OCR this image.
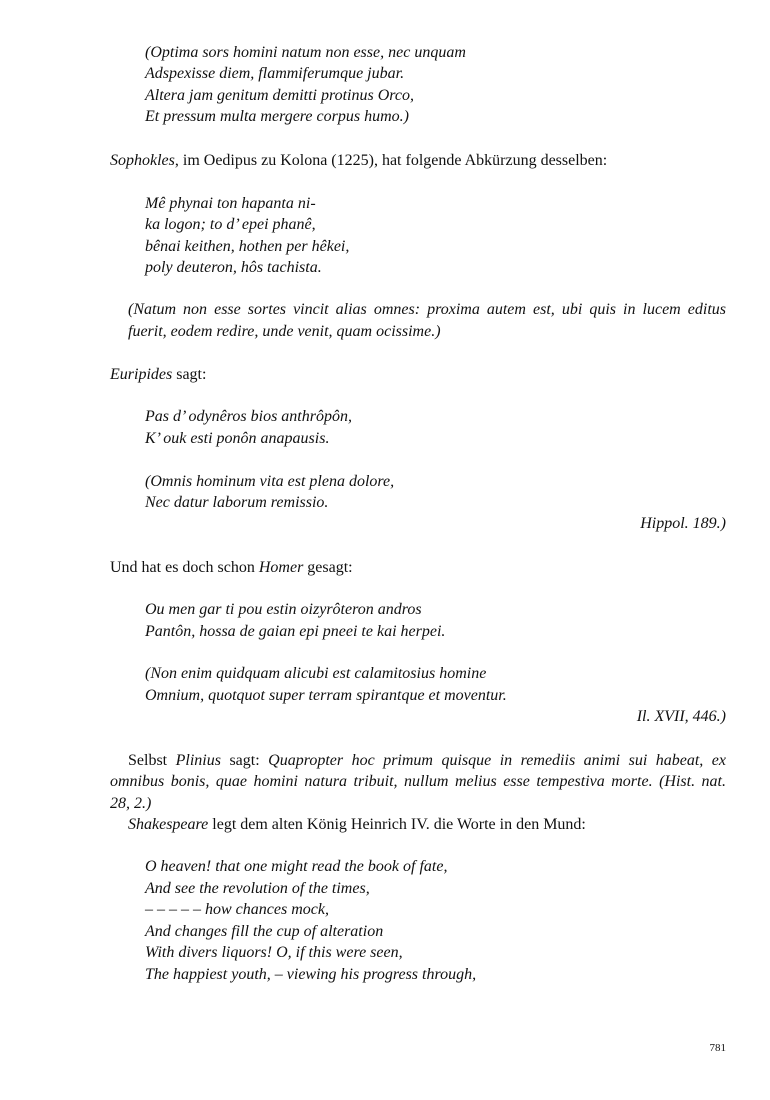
(Optima sors homini natum non esse, nec unquam

Adspexisse diem, flammiferumque jubar.

Altera jam genitum demitti protinus Orco,

Et pressum multa mergere corpus humo.)

Sophokles, im Oedipus zu Kolona (1225), hat folgende Abkürzung desselben:

Mê phynai ton hapanta ni-

ka logon; to d’ epei phanê,

bênai keithen, hothen per hêkei,

poly deuteron, hôs tachista.

(Natum non esse sortes vincit alias omnes: proxima autem est, ubi quis in lucem editus

fuerit, eodem redire, unde venit, quam ocissime.)

Euripides sagt:

Pas d’ odynêros bios anthrôpôn,

K’ ouk esti ponôn anapausis.

(Omnis hominum vita est plena dolore,

Nec datur laborum remissio.

Hippol. 189.)

Und hat es doch schon Homer gesagt:

Ou men gar ti pou estin oizyrôteron andros

Pantôn, hossa de gaian epi pneei te kai herpei.

(Non enim quidquam alicubi est calamitosius homine

Omnium, quotquot super terram spirantque et moventur.

Il. XVII, 446.)

Selbst Plinius sagt: Quapropter hoc primum quisque in remediis animi sui habeat, ex

omnibus bonis, quae homini natura tribuit, nullum melius esse tempestiva morte. (Hist. nat.

28, 2.)

Shakespeare legt dem alten König Heinrich IV. die Worte in den Mund:

O heaven! that one might read the book of fate,

And see the revolution of the times,

– – – – – how chances mock,

And changes fill the cup of alteration

With divers liquors! O, if this were seen,

The happiest youth, – viewing his progress through,

781
